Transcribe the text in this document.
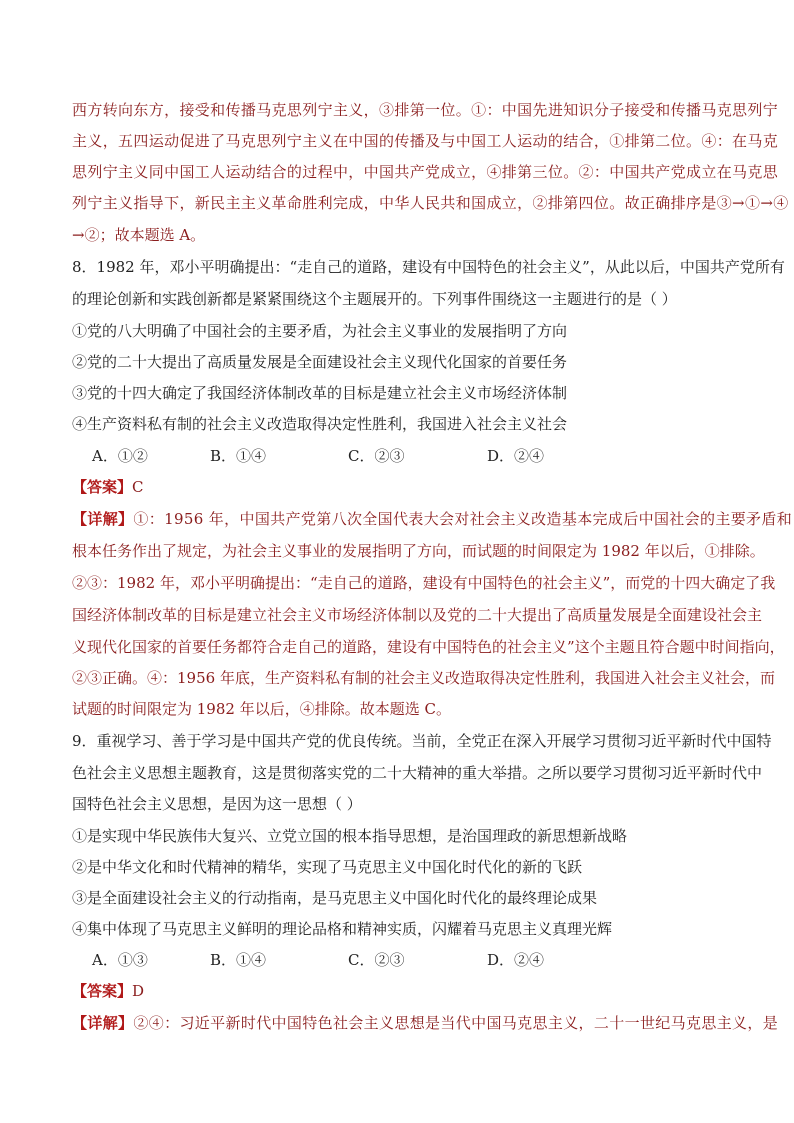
西方转向东方，接受和传播马克思列宁主义，③排第一位。①：中国先进知识分子接受和传播马克思列宁
主义，五四运动促进了马克思列宁主义在中国的传播及与中国工人运动的结合，①排第二位。④：在马克
思列宁主义同中国工人运动结合的过程中，中国共产党成立，④排第三位。②：中国共产党成立在马克思
列宁主义指导下，新民主主义革命胜利完成，中华人民共和国成立，②排第四位。故正确排序是③→①→④
→②；故本题选 A。
8．1982 年，邓小平明确提出：“走自己的道路，建设有中国特色的社会主义”，从此以后，中国共产党所有
的理论创新和实践创新都是紧紧围绕这个主题展开的。下列事件围绕这一主题进行的是（ ）
①党的八大明确了中国社会的主要矛盾，为社会主义事业的发展指明了方向
②党的二十大提出了高质量发展是全面建设社会主义现代化国家的首要任务
③党的十四大确定了我国经济体制改革的目标是建立社会主义市场经济体制
④生产资料私有制的社会主义改造取得决定性胜利，我国进入社会主义社会
A．①②	B．①④	C．②③	D．②④
【答案】C
【详解】①：1956 年，中国共产党第八次全国代表大会对社会主义改造基本完成后中国社会的主要矛盾和
根本任务作出了规定，为社会主义事业的发展指明了方向，而试题的时间限定为 1982 年以后，①排除。
②③：1982 年，邓小平明确提出：“走自己的道路，建设有中国特色的社会主义”，而党的十四大确定了我
国经济体制改革的目标是建立社会主义市场经济体制以及党的二十大提出了高质量发展是全面建设社会主
义现代化国家的首要任务都符合走自己的道路，建设有中国特色的社会主义”这个主题且符合题中时间指向，
②③正确。④：1956 年底，生产资料私有制的社会主义改造取得决定性胜利，我国进入社会主义社会，而
试题的时间限定为 1982 年以后，④排除。故本题选 C。
9．重视学习、善于学习是中国共产党的优良传统。当前，全党正在深入开展学习贯彻习近平新时代中国特
色社会主义思想主题教育，这是贯彻落实党的二十大精神的重大举措。之所以要学习贯彻习近平新时代中
国特色社会主义思想，是因为这一思想（ ）
①是实现中华民族伟大复兴、立党立国的根本指导思想，是治国理政的新思想新战略
②是中华文化和时代精神的精华，实现了马克思主义中国化时代化的新的飞跃
③是全面建设社会主义的行动指南，是马克思主义中国化时代化的最终理论成果
④集中体现了马克思主义鲜明的理论品格和精神实质，闪耀着马克思主义真理光辉
A．①③	B．①④	C．②③	D．②④
【答案】D
【详解】②④：习近平新时代中国特色社会主义思想是当代中国马克思主义，二十一世纪马克思主义，是
